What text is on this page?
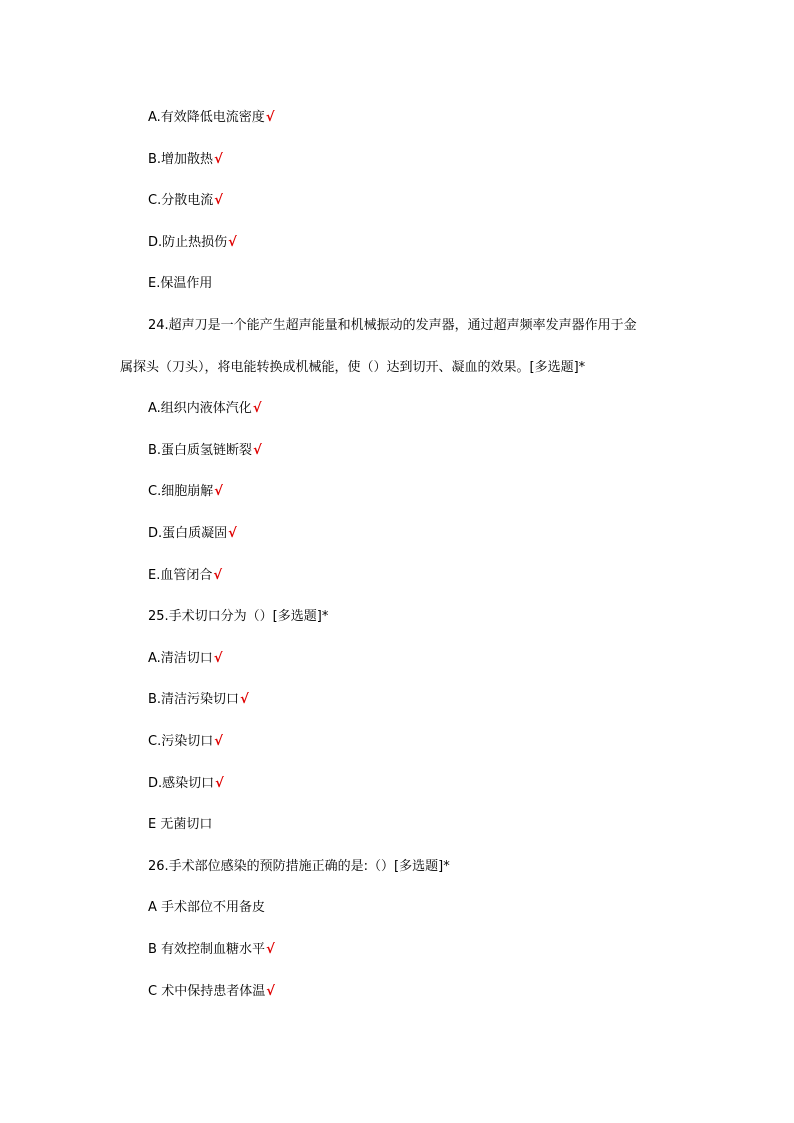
A.有效降低电流密度√
B.增加散热√
C.分散电流√
D.防止热损伤√
E.保温作用
24.超声刀是一个能产生超声能量和机械振动的发声器，通过超声频率发声器作用于金
属探头（刀头），将电能转换成机械能，使（）达到切开、凝血的效果。[多选题]*
A.组织内液体汽化√
B.蛋白质氢链断裂√
C.细胞崩解√
D.蛋白质凝固√
E.血管闭合√
25.手术切口分为（）[多选题]*
A.清洁切口√
B.清洁污染切口√
C.污染切口√
D.感染切口√
E 无菌切口
26.手术部位感染的预防措施正确的是:（）[多选题]*
A 手术部位不用备皮
B 有效控制血糖水平√
C 术中保持患者体温√
